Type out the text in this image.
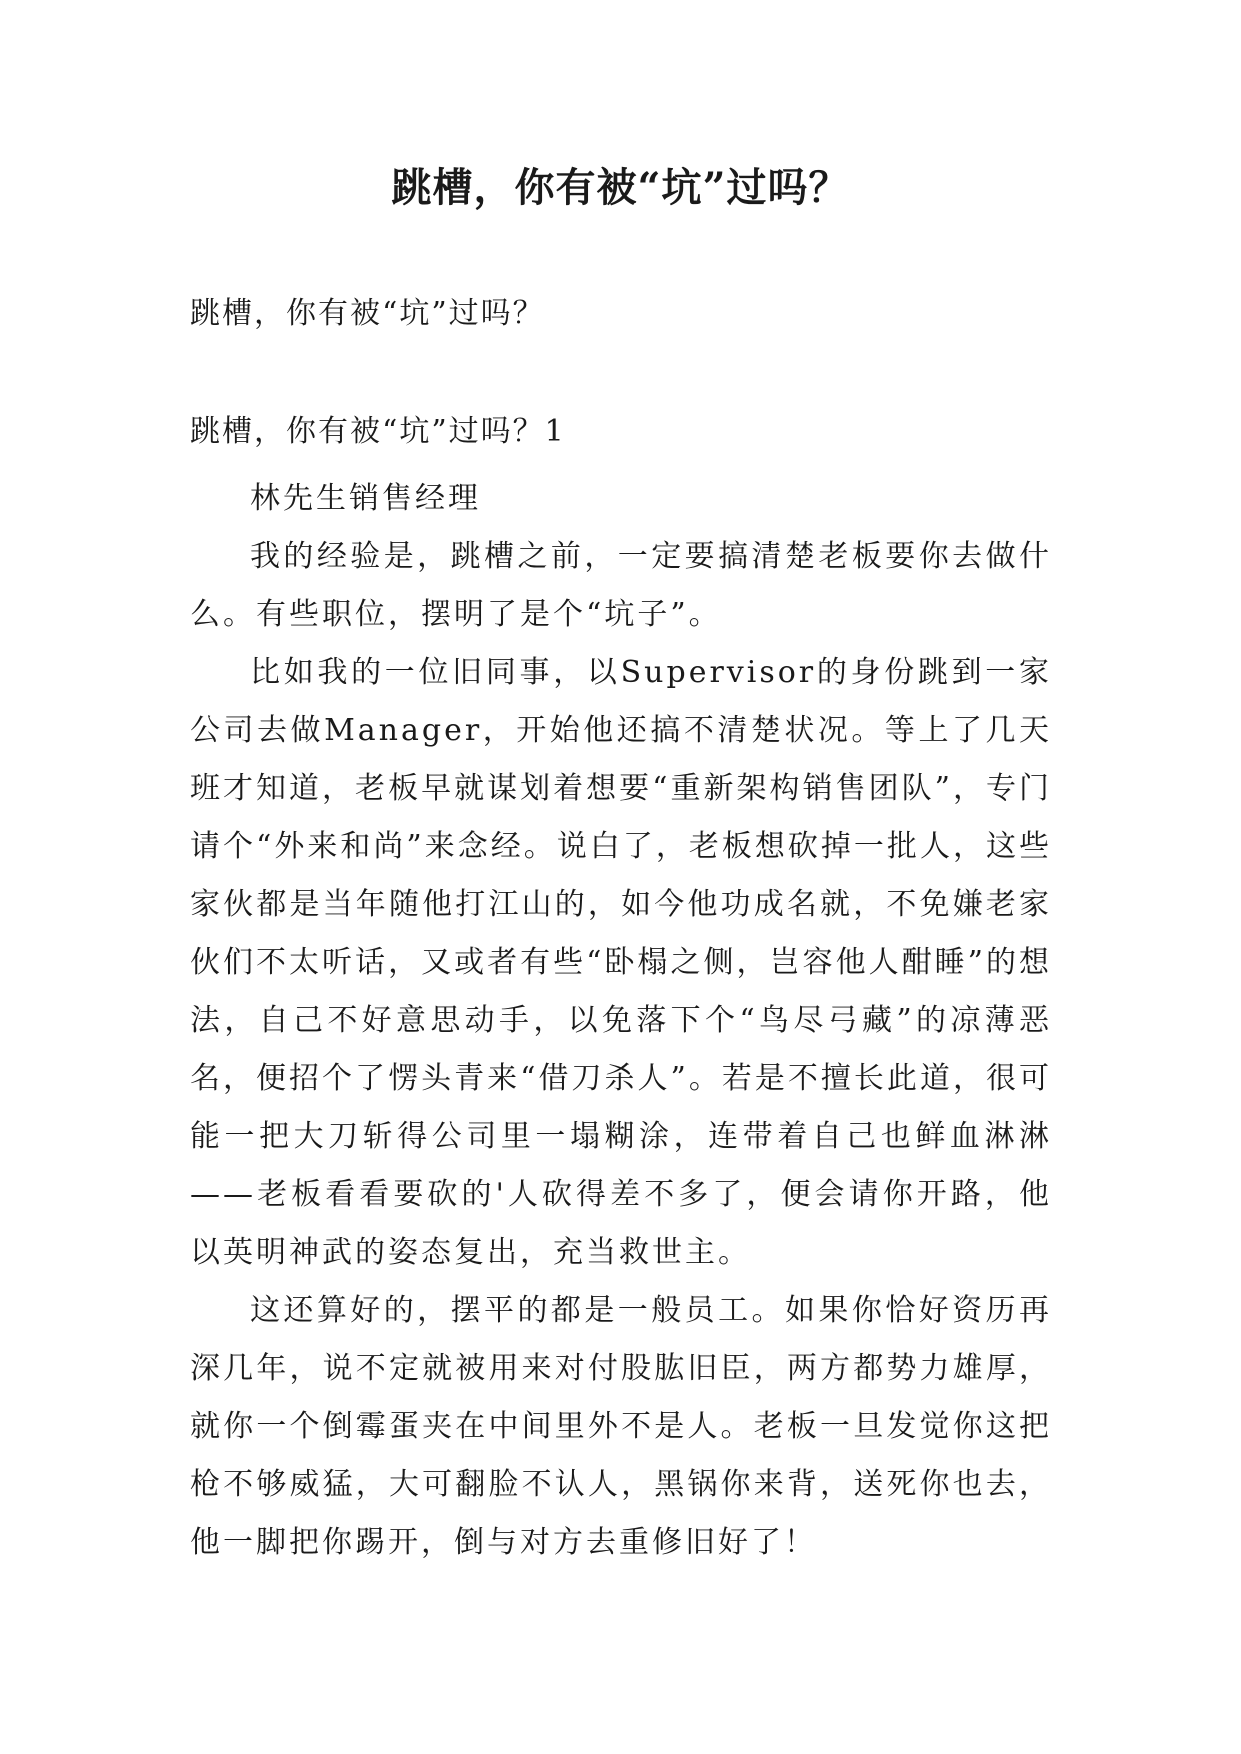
跳槽，你有被“坑”过吗？
跳槽，你有被“坑”过吗？
跳槽，你有被“坑”过吗？1

林先生销售经理

我的经验是，跳槽之前，一定要搞清楚老板要你去做什么。有些职位，摆明了是个“坑子”。

比如我的一位旧同事，以Supervisor的身份跳到一家公司去做Manager，开始他还搞不清楚状况。等上了几天班才知道，老板早就谋划着想要“重新架构销售团队”，专门请个“外来和尚”来念经。说白了，老板想砍掉一批人，这些家伙都是当年随他打江山的，如今他功成名就，不免嫌老家伙们不太听话，又或者有些“卧榻之侧，岂容他人酣睡”的想法，自己不好意思动手，以免落下个“鸟尽弓藏”的凉薄恶名，便招个了愣头青来“借刀杀人”。若是不擅长此道，很可能一把大刀斩得公司里一塌糊涂，连带着自己也鲜血淋淋——老板看看要砍的'人砍得差不多了，便会请你开路，他以英明神武的姿态复出，充当救世主。

这还算好的，摆平的都是一般员工。如果你恰好资历再深几年，说不定就被用来对付股肱旧臣，两方都势力雄厚，就你一个倒霉蛋夹在中间里外不是人。老板一旦发觉你这把枪不够威猛，大可翻脸不认人，黑锅你来背，送死你也去，他一脚把你踢开，倒与对方去重修旧好了！
